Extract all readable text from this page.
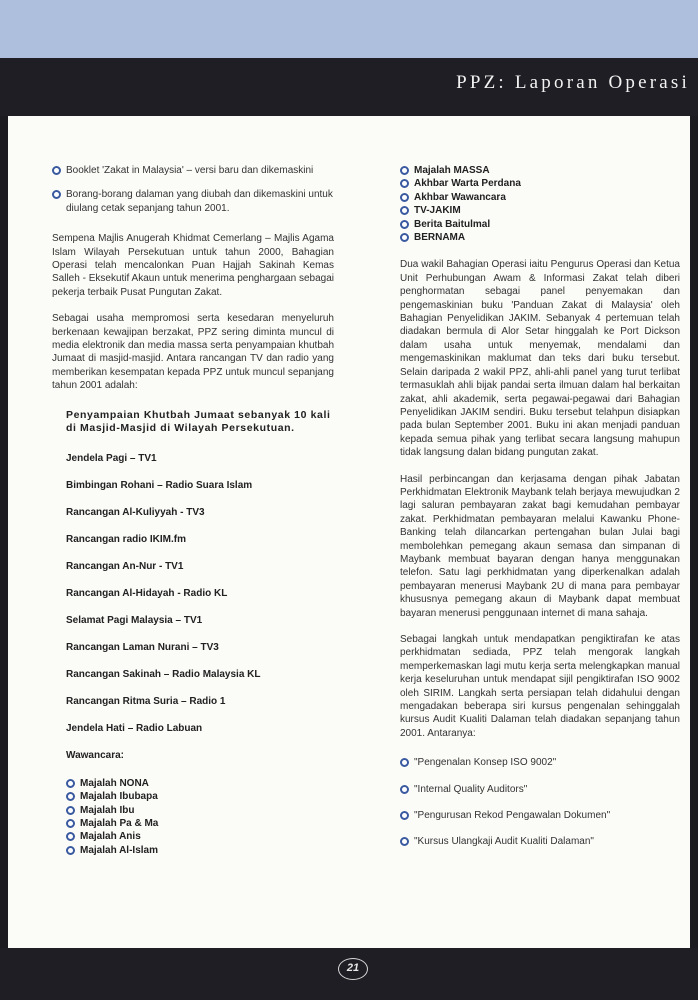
PPZ: Laporan Operasi
Booklet 'Zakat in Malaysia' – versi baru dan dikemaskini
Borang-borang dalaman yang diubah dan dikemaskini untuk diulang cetak sepanjang tahun 2001.

Sempena Majlis Anugerah Khidmat Cemerlang – Majlis Agama Islam Wilayah Persekutuan untuk tahun 2000, Bahagian Operasi telah mencalonkan Puan Hajjah Sakinah Kemas Salleh - Eksekutif Akaun untuk menerima penghargaan sebagai pekerja terbaik Pusat Pungutan Zakat.

Sebagai usaha mempromosi serta kesedaran menyeluruh berkenaan kewajipan berzakat, PPZ sering diminta muncul di media elektronik dan media massa serta penyampaian khutbah Jumaat di masjid-masjid. Antara rancangan TV dan radio yang memberikan kesempatan kepada PPZ untuk muncul sepanjang tahun 2001 adalah:

Penyampaian Khutbah Jumaat sebanyak 10 kali di Masjid-Masjid di Wilayah Persekutuan.
Jendela Pagi – TV1
Bimbingan Rohani – Radio Suara Islam
Rancangan Al-Kuliyyah - TV3
Rancangan radio IKIM.fm
Rancangan An-Nur - TV1
Rancangan Al-Hidayah - Radio KL
Selamat Pagi Malaysia – TV1
Rancangan Laman Nurani – TV3
Rancangan Sakinah – Radio Malaysia KL
Rancangan Ritma Suria – Radio 1
Jendela Hati – Radio Labuan
Wawancara:
Majalah NONA
Majalah Ibubapa
Majalah Ibu
Majalah Pa & Ma
Majalah Anis
Majalah Al-Islam
Majalah MASSA
Akhbar Warta Perdana
Akhbar Wawancara
TV-JAKIM
Berita Baitulmal
BERNAMA

Dua wakil Bahagian Operasi iaitu Pengurus Operasi dan Ketua Unit Perhubungan Awam & Informasi Zakat telah diberi penghormatan sebagai panel penyemakan dan pengemaskinian buku 'Panduan Zakat di Malaysia' oleh Bahagian Penyelidikan JAKIM. Sebanyak 4 pertemuan telah diadakan bermula di Alor Setar hinggalah ke Port Dickson dalam usaha untuk menyemak, mendalami dan mengemaskinikan maklumat dan teks dari buku tersebut. Selain daripada 2 wakil PPZ, ahli-ahli panel yang turut terlibat termasuklah ahli bijak pandai serta ilmuan dalam hal berkaitan zakat, ahli akademik, serta pegawai-pegawai dari Bahagian Penyelidikan JAKIM sendiri. Buku tersebut telahpun disiapkan pada bulan September 2001. Buku ini akan menjadi panduan kepada semua pihak yang terlibat secara langsung mahupun tidak langsung dalan bidang pungutan zakat.

Hasil perbincangan dan kerjasama dengan pihak Jabatan Perkhidmatan Elektronik Maybank telah berjaya mewujudkan 2 lagi saluran pembayaran zakat bagi kemudahan pembayar zakat. Perkhidmatan pembayaran melalui Kawanku Phone-Banking telah dilancarkan pertengahan bulan Julai bagi membolehkan pemegang akaun semasa dan simpanan di Maybank membuat bayaran dengan hanya menggunakan telefon. Satu lagi perkhidmatan yang diperkenalkan adalah pembayaran menerusi Maybank 2U di mana para pembayar khususnya pemegang akaun di Maybank dapat membuat bayaran menerusi penggunaan internet di mana sahaja.

Sebagai langkah untuk mendapatkan pengiktirafan ke atas perkhidmatan sediada, PPZ telah mengorak langkah memperkemaskan lagi mutu kerja serta melengkapkan manual kerja keseluruhan untuk mendapat sijil pengiktirafan ISO 9002 oleh SIRIM. Langkah serta persiapan telah didahului dengan mengadakan beberapa siri kursus pengenalan sehinggalah kursus Audit Kualiti Dalaman telah diadakan sepanjang tahun 2001. Antaranya:

"Pengenalan Konsep ISO 9002"
"Internal Quality Auditors"
"Pengurusan Rekod Pengawalan Dokumen"
"Kursus Ulangkaji Audit Kualiti Dalaman"
21
